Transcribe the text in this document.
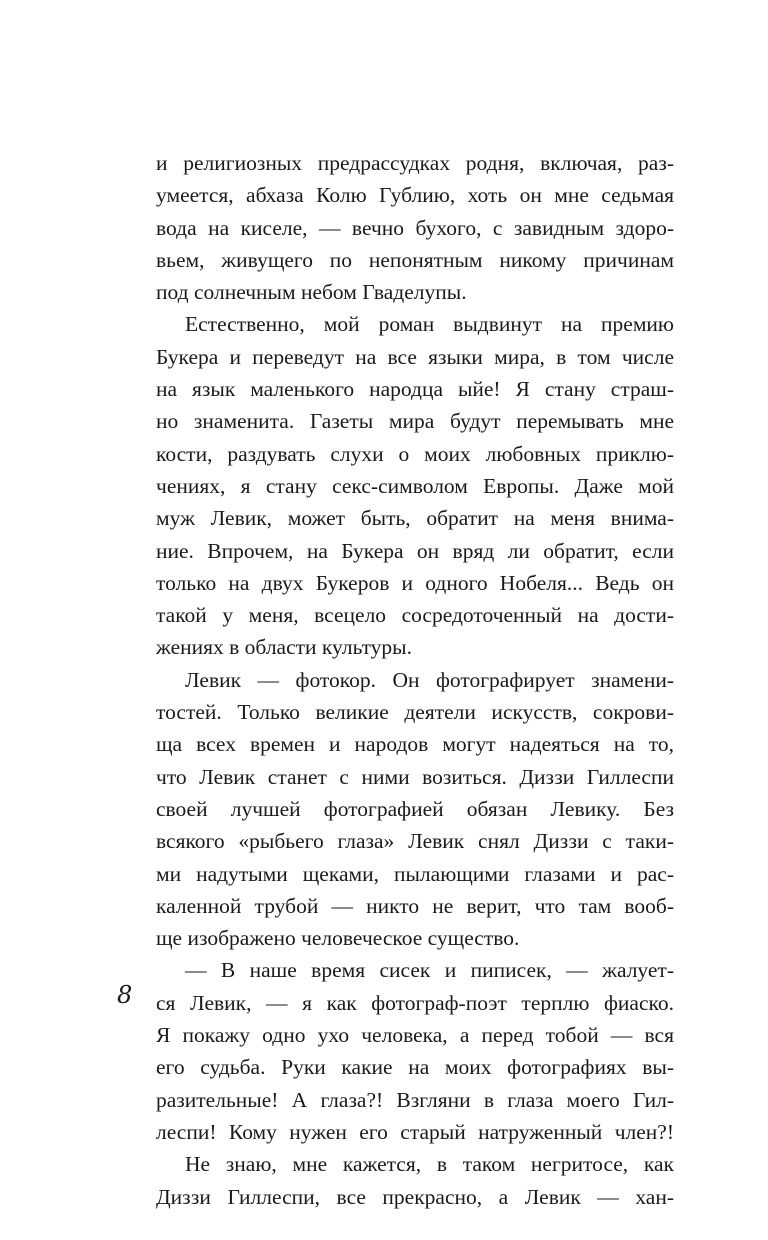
и религиозных предрассудках родня, включая, раз-
умеется, абхаза Колю Гублию, хоть он мне седьмая
вода на киселе, — вечно бухого, с завидным здоро-
вьем, живущего по непонятным никому причинам
под солнечным небом Гваделупы.
Естественно, мой роман выдвинут на премию
Букера и переведут на все языки мира, в том числе
на язык маленького народца ыйе! Я стану страш-
но знаменита. Газеты мира будут перемывать мне
кости, раздувать слухи о моих любовных приклю-
чениях, я стану секс-символом Европы. Даже мой
муж Левик, может быть, обратит на меня внима-
ние. Впрочем, на Букера он вряд ли обратит, если
только на двух Букеров и одного Нобеля... Ведь он
такой у меня, всецело сосредоточенный на дости-
жениях в области культуры.
Левик — фотокор. Он фотографирует знамени-
тостей. Только великие деятели искусств, сокрови-
ща всех времен и народов могут надеяться на то,
что Левик станет с ними возиться. Диззи Гиллеспи
своей лучшей фотографией обязан Левику. Без
всякого «рыбьего глаза» Левик снял Диззи с таки-
ми надутыми щеками, пылающими глазами и рас-
каленной трубой — никто не верит, что там вооб-
ще изображено человеческое существо.
— В наше время сисек и пиписек, — жалует-
ся Левик, — я как фотограф-поэт терплю фиаско.
Я покажу одно ухо человека, а перед тобой — вся
его судьба. Руки какие на моих фотографиях вы-
разительные! А глаза?! Взгляни в глаза моего Гил-
леспи! Кому нужен его старый натруженный член?!
Не знаю, мне кажется, в таком негритосе, как
Диззи Гиллеспи, все прекрасно, а Левик — хан-
8
